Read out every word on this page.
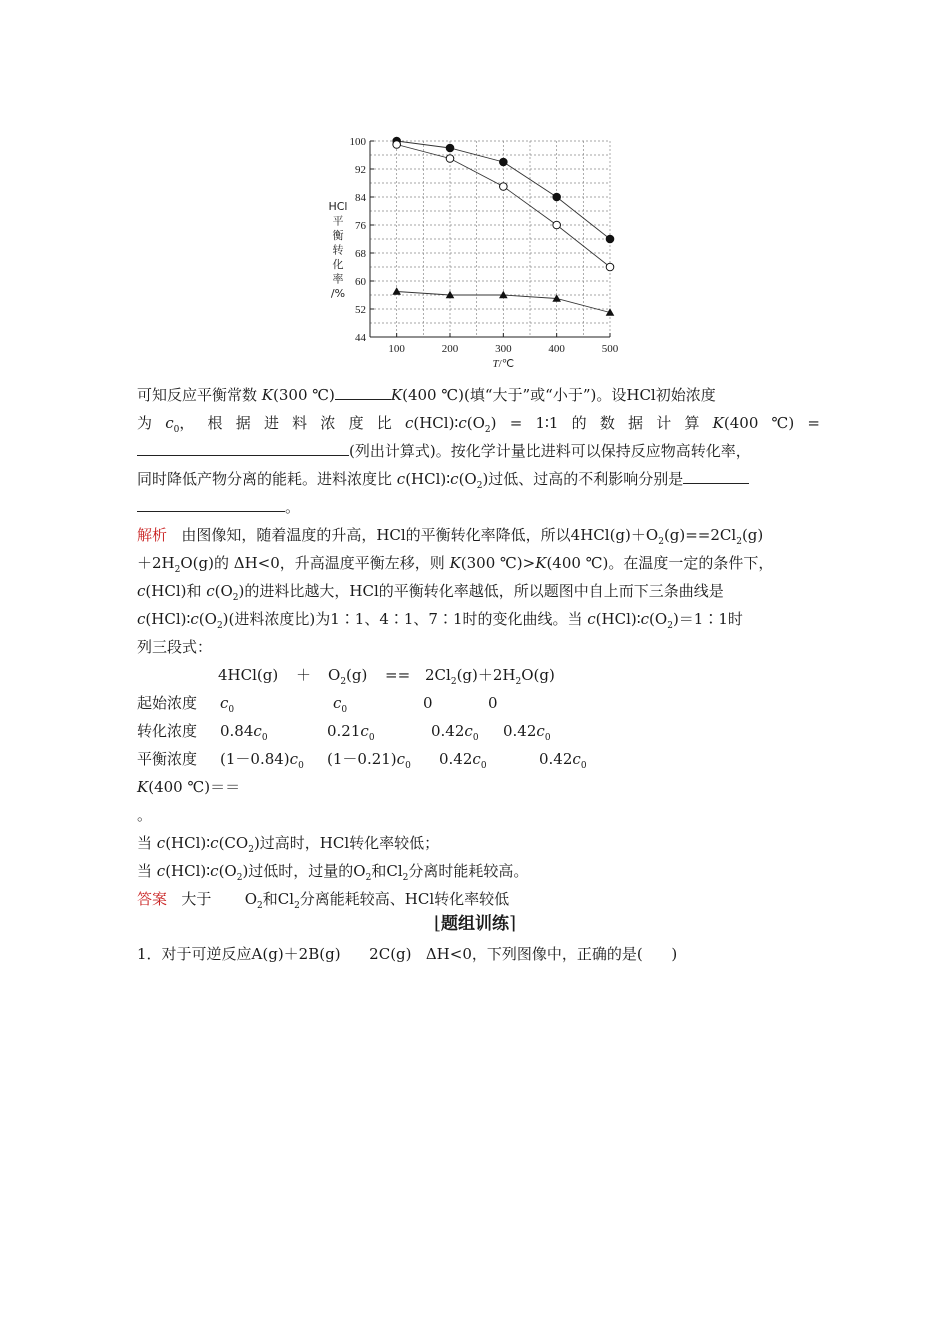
44
52
60
68
76
84
92
100
100	200	300	400	500
HCl
平
衡
转
化
率
/%
T/℃
可知反应平衡常数 K(300 ℃)	K(400 ℃)(填“大于”或“小于”)。设HCl初始浓度
为 $c_0$， 根 据 进 料 浓 度 比 $c(HCl)∶c(O_2)$ = 1∶1 的 数 据 计 算 K(400 ℃) =
(列出计算式)。按化学计量比进料可以保持反应物高转化率，
同时降低产物分离的能耗。进料浓度比 $c(HCl)∶c(O_2)$过低、过高的不利影响分别是
。
解析 由图像知，随着温度的升高，HCl的平衡转化率降低，所以$4HCl(g)+O_2(g)==2Cl_2(g)$
$+2H_2O(g)$的 ΔH<0，升高温度平衡左移，则 K(300 ℃)>K(400 ℃)。在温度一定的条件下，
c(HCl)和 $c(O_2)$的进料比越大，HCl的平衡转化率越低，所以题图中自上而下三条曲线是
$c(HCl)∶c(O_2)$(进料浓度比)为1∶1、4∶1、7∶1时的变化曲线。当 $c(HCl)∶c(O_2)=1∶1$时
列三段式：
$4HCl(g) + O_2(g) == 2Cl_2(g)+2H_2O(g)$
起始浓度 $c_0$	$c_0$	0	0
转化浓度 $0.84c_0$	$0.21c_0$	$0.42c_0$ $0.42c_0$
平衡浓度 $(1-0.84)c_0$ $(1-0.21)c_0$ $0.42c_0$	$0.42c_0$
K(400 ℃)＝＝
。
当 $c(HCl)∶c(CO_2)$过高时，HCl转化率较低；
当 $c(HCl)∶c(O_2)$过低时，过量的$O_2$和$Cl_2$分离时能耗较高。
答案 大于 $O_2$和$Cl_2$分离能耗较高、HCl转化率较低
⌊题组训练⌉
1．对于可逆反应A(g)＋2B(g) 2C(g) ΔH<0，下列图像中，正确的是( )
